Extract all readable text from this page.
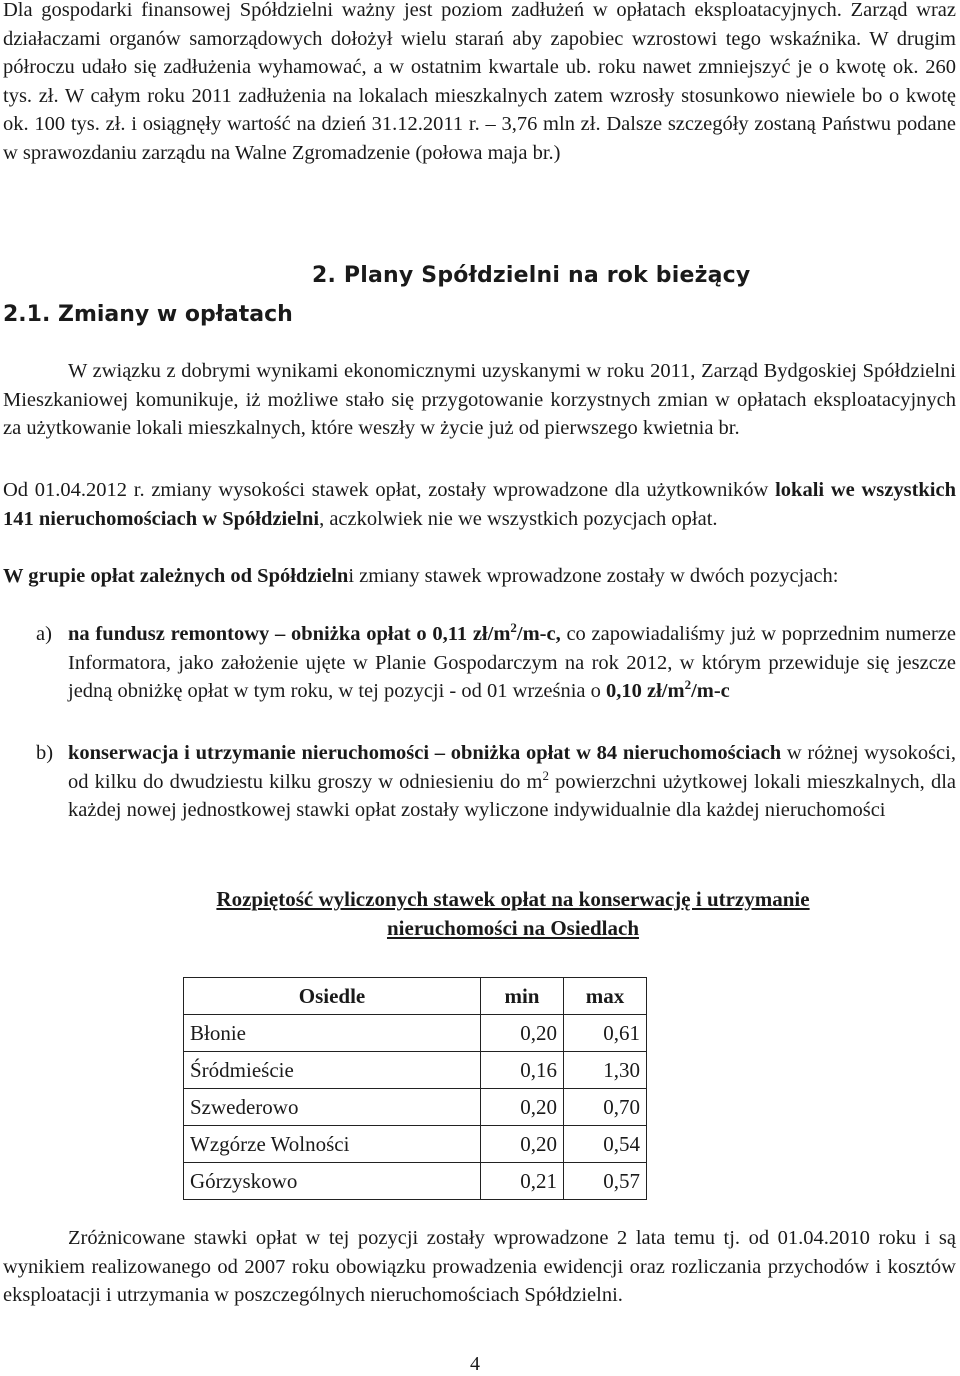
Dla gospodarki finansowej Spółdzielni ważny jest poziom zadłużeń w opłatach eksploatacyjnych. Zarząd wraz działaczami organów samorządowych dołożył wielu starań aby zapobiec wzrostowi tego wskaźnika. W drugim półroczu udało się zadłużenia wyhamować, a w ostatnim kwartale ub. roku nawet zmniejszyć je o kwotę ok. 260 tys. zł. W całym roku 2011 zadłużenia na lokalach mieszkalnych zatem wzrosły stosunkowo niewiele bo o kwotę ok. 100 tys. zł. i osiągnęły wartość na dzień 31.12.2011 r. – 3,76 mln zł. Dalsze szczegóły zostaną Państwu podane w sprawozdaniu zarządu na Walne Zgromadzenie (połowa maja br.)

2. Plany Spółdzielni na rok bieżący
2.1. Zmiany w opłatach

W związku z dobrymi wynikami ekonomicznymi uzyskanymi w roku 2011, Zarząd Bydgoskiej Spółdzielni Mieszkaniowej komunikuje, iż możliwe stało się przygotowanie korzystnych zmian w opłatach eksploatacyjnych za użytkowanie lokali mieszkalnych, które weszły w życie już od pierwszego kwietnia br.

Od 01.04.2012 r. zmiany wysokości stawek opłat, zostały wprowadzone dla użytkowników lokali we wszystkich 141 nieruchomościach w Spółdzielni, aczkolwiek nie we wszystkich pozycjach opłat.

W grupie opłat zależnych od Spółdzielni zmiany stawek wprowadzone zostały w dwóch pozycjach:

a) na fundusz remontowy – obniżka opłat o 0,11 $zł/m^2/m-c$, co zapowiadaliśmy już w poprzednim numerze Informatora, jako założenie ujęte w Planie Gospodarczym na rok 2012, w którym przewiduje się jeszcze jedną obniżkę opłat w tym roku, w tej pozycji - od 01 września o 0,10 $zł/m^2/m-c$
b) konserwacja i utrzymanie nieruchomości – obniżka opłat w 84 nieruchomościach w różnej wysokości, od kilku do dwudziestu kilku groszy w odniesieniu do $m^2$ powierzchni użytkowej lokali mieszkalnych, dla każdej nowej jednostkowej stawki opłat zostały wyliczone indywidualnie dla każdej nieruchomości
Rozpiętość wyliczonych stawek opłat na konserwację i utrzymanie
nieruchomości na Osiedlach
Osiedle	min	max
Błonie	0,20	0,61
Śródmieście	0,16	1,30
Szwederowo	0,20	0,70
Wzgórze Wolności	0,20	0,54
Górzyskowo	0,21	0,57

Zróżnicowane stawki opłat w tej pozycji zostały wprowadzone 2 lata temu tj. od 01.04.2010 roku i są wynikiem realizowanego od 2007 roku obowiązku prowadzenia ewidencji oraz rozliczania przychodów i kosztów eksploatacji i utrzymania w poszczególnych nieruchomościach Spółdzielni.

4
